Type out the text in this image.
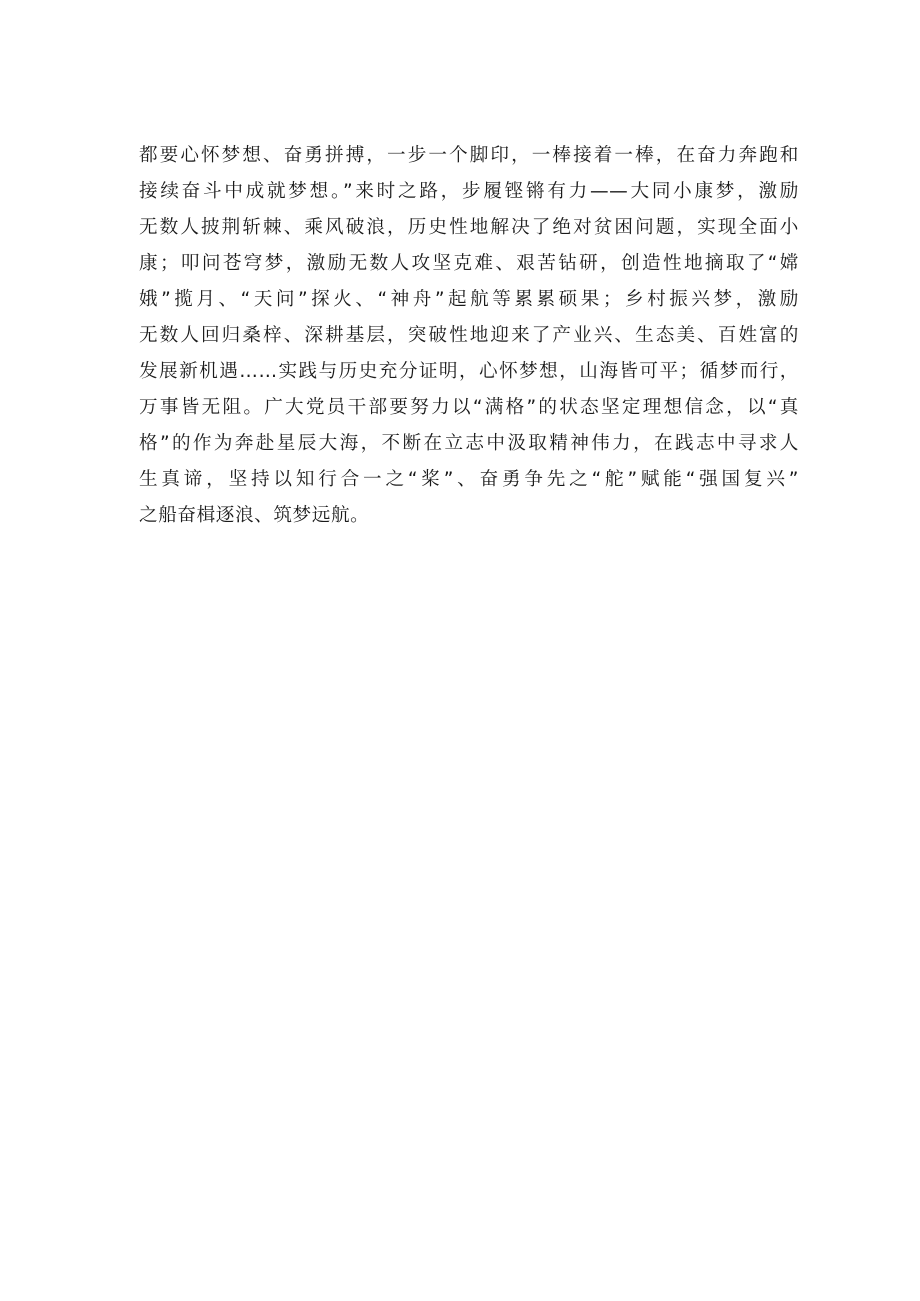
都要心怀梦想、奋勇拼搏，一步一个脚印，一棒接着一棒，在奋力奔跑和
接续奋斗中成就梦想。”来时之路，步履铿锵有力——大同小康梦，激励
无数人披荆斩棘、乘风破浪，历史性地解决了绝对贫困问题，实现全面小
康；叩问苍穹梦，激励无数人攻坚克难、艰苦钻研，创造性地摘取了“嫦
娥”揽月、“天问”探火、“神舟”起航等累累硕果；乡村振兴梦，激励
无数人回归桑梓、深耕基层，突破性地迎来了产业兴、生态美、百姓富的
发展新机遇……实践与历史充分证明，心怀梦想，山海皆可平；循梦而行，
万事皆无阻。广大党员干部要努力以“满格”的状态坚定理想信念，以“真
格”的作为奔赴星辰大海，不断在立志中汲取精神伟力，在践志中寻求人
生真谛，坚持以知行合一之“桨”、奋勇争先之“舵”赋能“强国复兴”
之船奋楫逐浪、筑梦远航。
